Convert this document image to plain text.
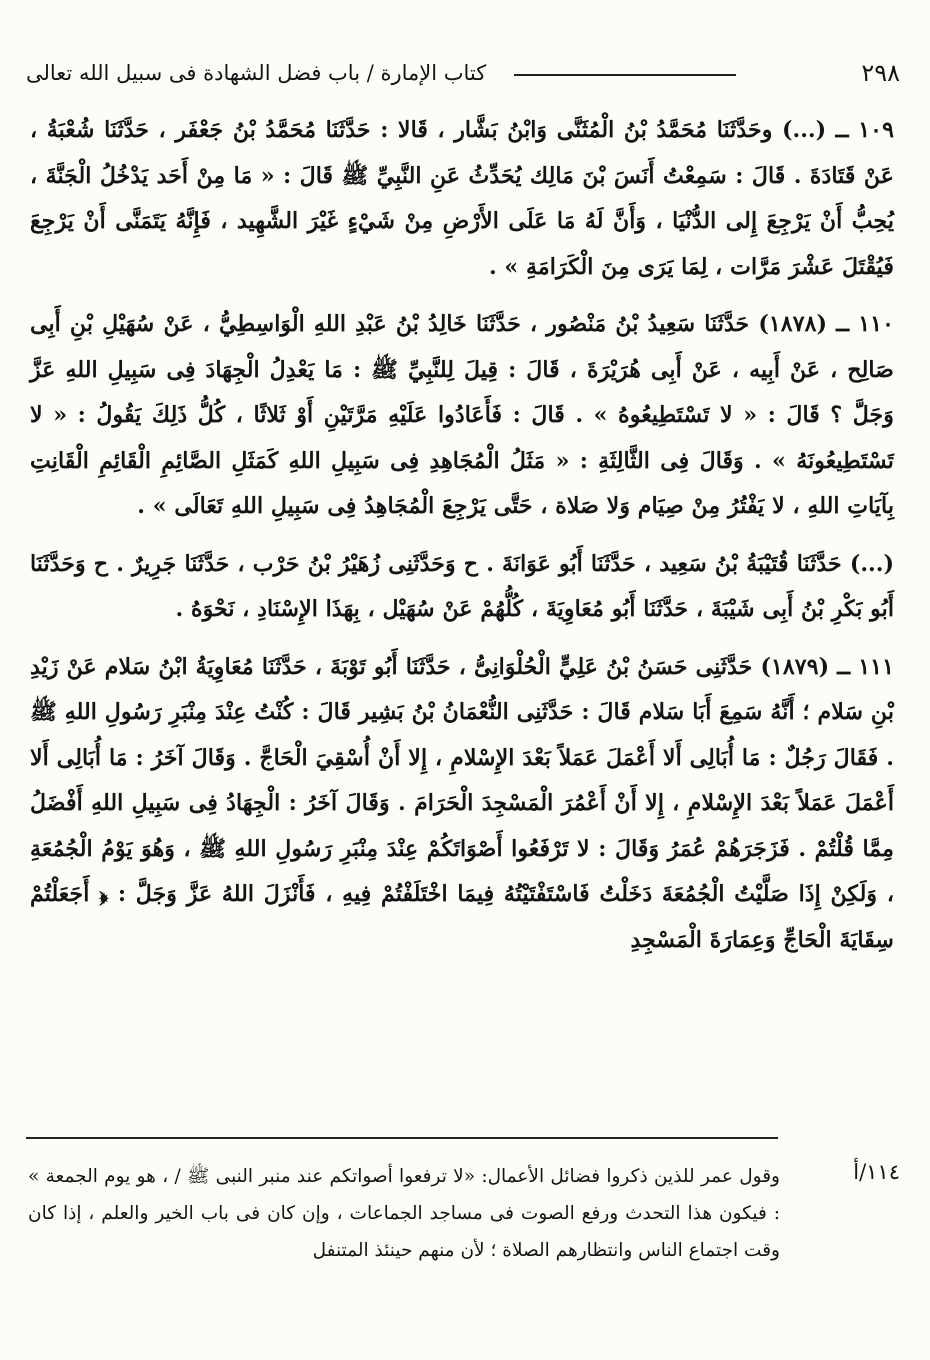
٢٩٨
كتاب الإمارة / باب فضل الشهادة فى سبيل الله تعالى

١٠٩ ــ (...) وحَدَّثَنَا مُحَمَّدُ بْنُ الْمُثَنَّى وَابْنُ بَشَّار ، قَالا : حَدَّثَنَا مُحَمَّدُ بْنُ جَعْفَر ، حَدَّثَنَا شُعْبَةُ ، عَنْ قَتَادَةَ . قَالَ : سَمِعْتُ أَنَسَ بْنَ مَالِك يُحَدِّثُ عَنِ النَّبِيِّ ﷺ قَالَ : « مَا مِنْ أَحَد يَدْخُلُ الْجَنَّةَ ، يُحِبُّ أَنْ يَرْجِعَ إِلى الدُّنْيَا ، وَأَنَّ لَهُ مَا عَلَى الأَرْضِ مِنْ شَيْءٍ غَيْرَ الشَّهِيد ، فَإِنَّهُ يَتَمَنَّى أَنْ يَرْجِعَ فَيُقْتَلَ عَشْرَ مَرَّات ، لِمَا يَرَى مِنَ الْكَرَامَةِ » .

١١٠ ــ (١٨٧٨) حَدَّثَنَا سَعِيدُ بْنُ مَنْصُور ، حَدَّثَنَا خَالِدُ بْنُ عَبْدِ اللهِ الْوَاسِطِيُّ ، عَنْ سُهَيْلِ بْنِ أَبِى صَالِح ، عَنْ أَبِيه ، عَنْ أَبِى هُرَيْرَةَ ، قَالَ : قِيلَ لِلنَّبِيِّ ﷺ : مَا يَعْدِلُ الْجِهَادَ فِى سَبِيلِ اللهِ عَزَّ وَجَلَّ ؟ قَالَ : « لا تَسْتَطِيعُوهُ » . قَالَ : فَأَعَادُوا عَلَيْهِ مَرَّتَيْنِ أَوْ ثَلاثًا ، كُلُّ ذَلِكَ يَقُولُ : « لا تَسْتَطِيعُونَهُ » . وَقَالَ فِى الثَّالِثَةِ : « مَثَلُ الْمُجَاهِدِ فِى سَبِيلِ اللهِ كَمَثَلِ الصَّائِمِ الْقَائِمِ الْقَانِتِ بِآيَاتِ اللهِ ، لا يَفْتُرُ مِنْ صِيَام وَلا صَلاة ، حَتَّى يَرْجِعَ الْمُجَاهِدُ فِى سَبِيلِ اللهِ تَعَالَى » .

(...) حَدَّثَنَا قُتَيْبَةُ بْنُ سَعِيد ، حَدَّثَنَا أَبُو عَوَانَةَ . ح وَحَدَّثَنِى زُهَيْرُ بْنُ حَرْب ، حَدَّثَنَا جَرِيرٌ . ح وَحَدَّثَنَا أَبُو بَكْرِ بْنُ أَبِى شَيْبَةَ ، حَدَّثَنَا أَبُو مُعَاوِيَةَ ، كُلُّهُمْ عَنْ سُهَيْل ، بِهَذَا الإِسْنَادِ ، نَحْوَهُ .

١١١ ــ (١٨٧٩) حَدَّثَنِى حَسَنُ بْنُ عَلِيٍّ الْحُلْوَانِىُّ ، حَدَّثَنَا أَبُو تَوْبَةَ ، حَدَّثَنَا مُعَاوِيَةُ ابْنُ سَلام عَنْ زَيْدِ بْنِ سَلام ؛ أَنَّهُ سَمِعَ أَبَا سَلام قَالَ : حَدَّثَنِى النُّعْمَانُ بْنُ بَشِير قَالَ : كُنْتُ عِنْدَ مِنْبَرِ رَسُولِ اللهِ ﷺ . فَقَالَ رَجُلٌ : مَا أُبَالِى أَلا أَعْمَلَ عَمَلاً بَعْدَ الإِسْلامِ ، إِلا أَنْ أُسْقِيَ الْحَاجَّ . وَقَالَ آخَرُ : مَا أُبَالِى أَلا أَعْمَلَ عَمَلاً بَعْدَ الإِسْلامِ ، إِلا أَنْ أَعْمُرَ الْمَسْجِدَ الْحَرَامَ . وَقَالَ آخَرُ : الْجِهَادُ فِى سَبِيلِ اللهِ أَفْضَلُ مِمَّا قُلْتُمْ . فَزَجَرَهُمْ عُمَرُ وَقَالَ : لا تَرْفَعُوا أَصْوَاتَكُمْ عِنْدَ مِنْبَرِ رَسُولِ اللهِ ﷺ ، وَهُوَ يَوْمُ الْجُمُعَةِ ، وَلَكِنْ إِذَا صَلَّيْتُ الْجُمُعَةَ دَخَلْتُ فَاسْتَفْتَيْتُهُ فِيمَا اخْتَلَفْتُمْ فِيهِ ، فَأَنْزَلَ اللهُ عَزَّ وَجَلَّ : ﴿ أَجَعَلْتُمْ سِقَايَةَ الْحَاجِّ وَعِمَارَةَ الْمَسْجِدِ

١١٤/أ
وقول عمر للذين ذكروا فضائل الأعمال: «لا ترفعوا أصواتكم عند منبر النبى ﷺ / ، هو يوم الجمعة » : فيكون هذا التحدث ورفع الصوت فى مساجد الجماعات ، وإن كان فى باب الخير والعلم ، إذا كان وقت اجتماع الناس وانتظارهم الصلاة ؛ لأن منهم حينئذ المتنفل
